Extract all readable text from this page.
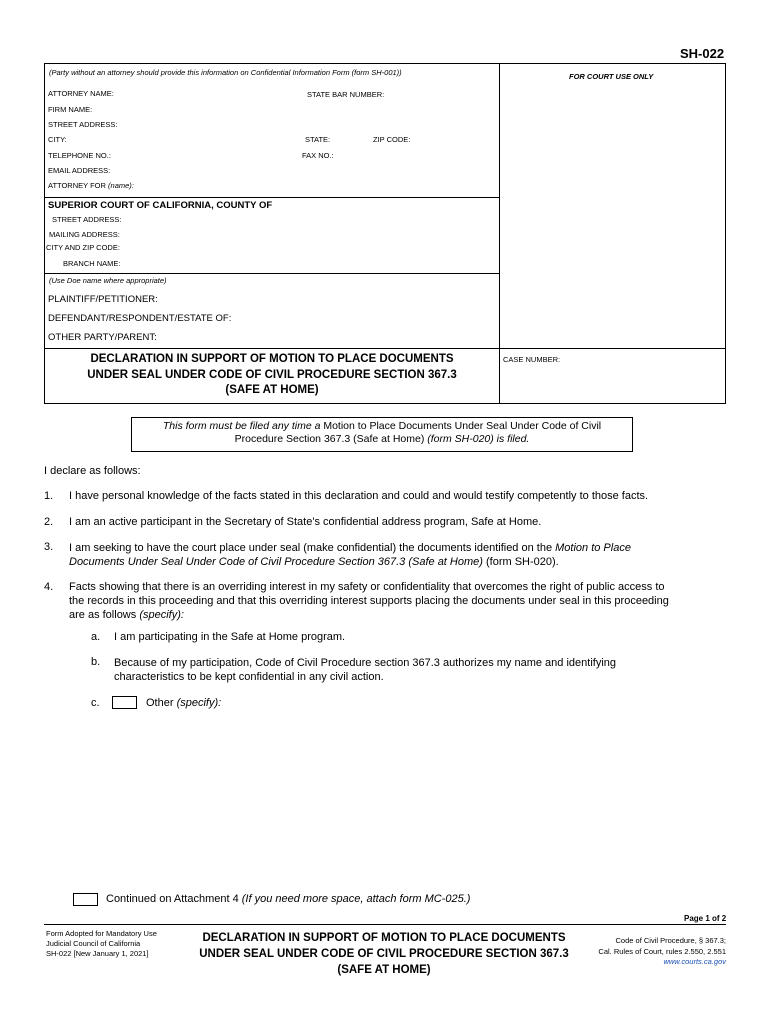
SH-022
(Party without an attorney should provide this information on Confidential Information Form (form SH-001))	FOR COURT USE ONLY
ATTORNEY NAME:	STATE BAR NUMBER:
FIRM NAME:
STREET ADDRESS:
CITY:	STATE:	ZIP CODE:
TELEPHONE NO.:	FAX NO.:
EMAIL ADDRESS:
ATTORNEY FOR (name):
SUPERIOR COURT OF CALIFORNIA, COUNTY OF
STREET ADDRESS:
MAILING ADDRESS:
CITY AND ZIP CODE:
BRANCH NAME:
(Use Doe name where appropriate)
PLAINTIFF/PETITIONER:
DEFENDANT/RESPONDENT/ESTATE OF:
OTHER PARTY/PARENT:
DECLARATION IN SUPPORT OF MOTION TO PLACE DOCUMENTS
UNDER SEAL UNDER CODE OF CIVIL PROCEDURE SECTION 367.3
(SAFE AT HOME)
CASE NUMBER:
This form must be filed any time a Motion to Place Documents Under Seal Under Code of Civil
Procedure Section 367.3 (Safe at Home) (form SH-020) is filed.
I declare as follows:
1. I have personal knowledge of the facts stated in this declaration and could and would testify competently to those facts.
2. I am an active participant in the Secretary of State's confidential address program, Safe at Home.
3. I am seeking to have the court place under seal (make confidential) the documents identified on the Motion to Place
Documents Under Seal Under Code of Civil Procedure Section 367.3 (Safe at Home) (form SH-020).
4. Facts showing that there is an overriding interest in my safety or confidentiality that overcomes the right of public access to
the records in this proceeding and that this overriding interest supports placing the documents under seal in this proceeding
are as follows (specify):
a. I am participating in the Safe at Home program.
b. Because of my participation, Code of Civil Procedure section 367.3 authorizes my name and identifying
characteristics to be kept confidential in any civil action.
c.	Other (specify):
Continued on Attachment 4 (If you need more space, attach form MC-025.)
Page 1 of 2
Form Adopted for Mandatory Use
Judicial Council of California
SH-022 [New January 1, 2021]
DECLARATION IN SUPPORT OF MOTION TO PLACE DOCUMENTS
UNDER SEAL UNDER CODE OF CIVIL PROCEDURE SECTION 367.3
(SAFE AT HOME)
Code of Civil Procedure, § 367.3;
Cal. Rules of Court, rules 2.550, 2.551
www.courts.ca.gov
